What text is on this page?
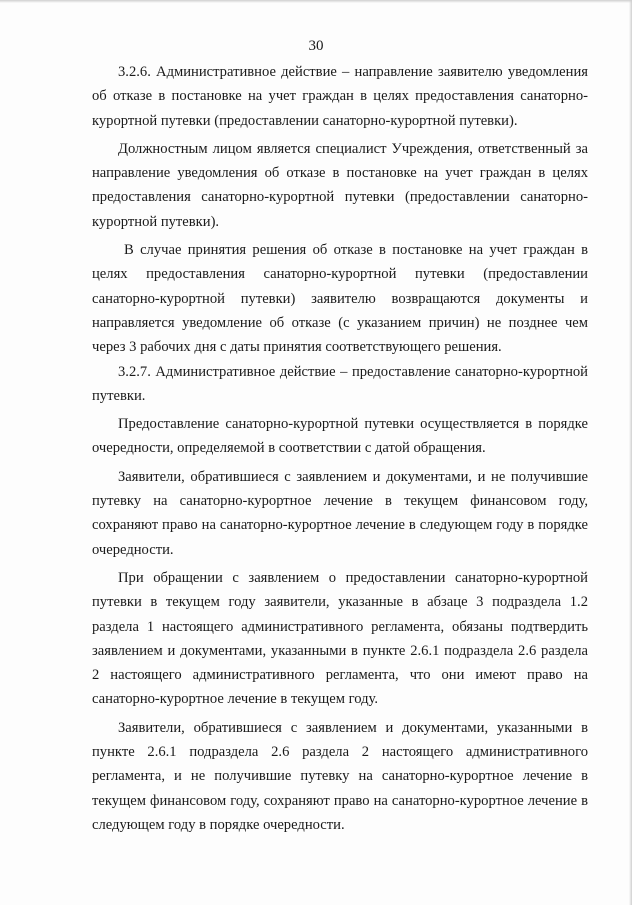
30

3.2.6. Административное действие – направление заявителю уведомления об отказе в постановке на учет граждан в целях предоставления санаторно-курортной путевки (предоставлении санаторно-курортной путевки).

Должностным лицом является специалист Учреждения, ответственный за направление уведомления об отказе в постановке на учет граждан в целях предоставления санаторно-курортной путевки (предоставлении санаторно-курортной путевки).

В случае принятия решения об отказе в постановке на учет граждан в целях предоставления санаторно-курортной путевки (предоставлении санаторно-курортной путевки) заявителю возвращаются документы и направляется уведомление об отказе (с указанием причин) не позднее чем через 3 рабочих дня с даты принятия соответствующего решения.

3.2.7. Административное действие – предоставление санаторно-курортной путевки.

Предоставление санаторно-курортной путевки осуществляется в порядке очередности, определяемой в соответствии с датой обращения.

Заявители, обратившиеся с заявлением и документами, и не получившие путевку на санаторно-курортное лечение в текущем финансовом году, сохраняют право на санаторно-курортное лечение в следующем году в порядке очередности.

При обращении с заявлением о предоставлении санаторно-курортной путевки в текущем году заявители, указанные в абзаце 3 подраздела 1.2 раздела 1 настоящего административного регламента, обязаны подтвердить заявлением и документами, указанными в пункте 2.6.1 подраздела 2.6 раздела 2 настоящего административного регламента, что они имеют право на санаторно-курортное лечение в текущем году.

Заявители, обратившиеся с заявлением и документами, указанными в пункте 2.6.1 подраздела 2.6 раздела 2 настоящего административного регламента, и не получившие путевку на санаторно-курортное лечение в текущем финансовом году, сохраняют право на санаторно-курортное лечение в следующем году в порядке очередности.
